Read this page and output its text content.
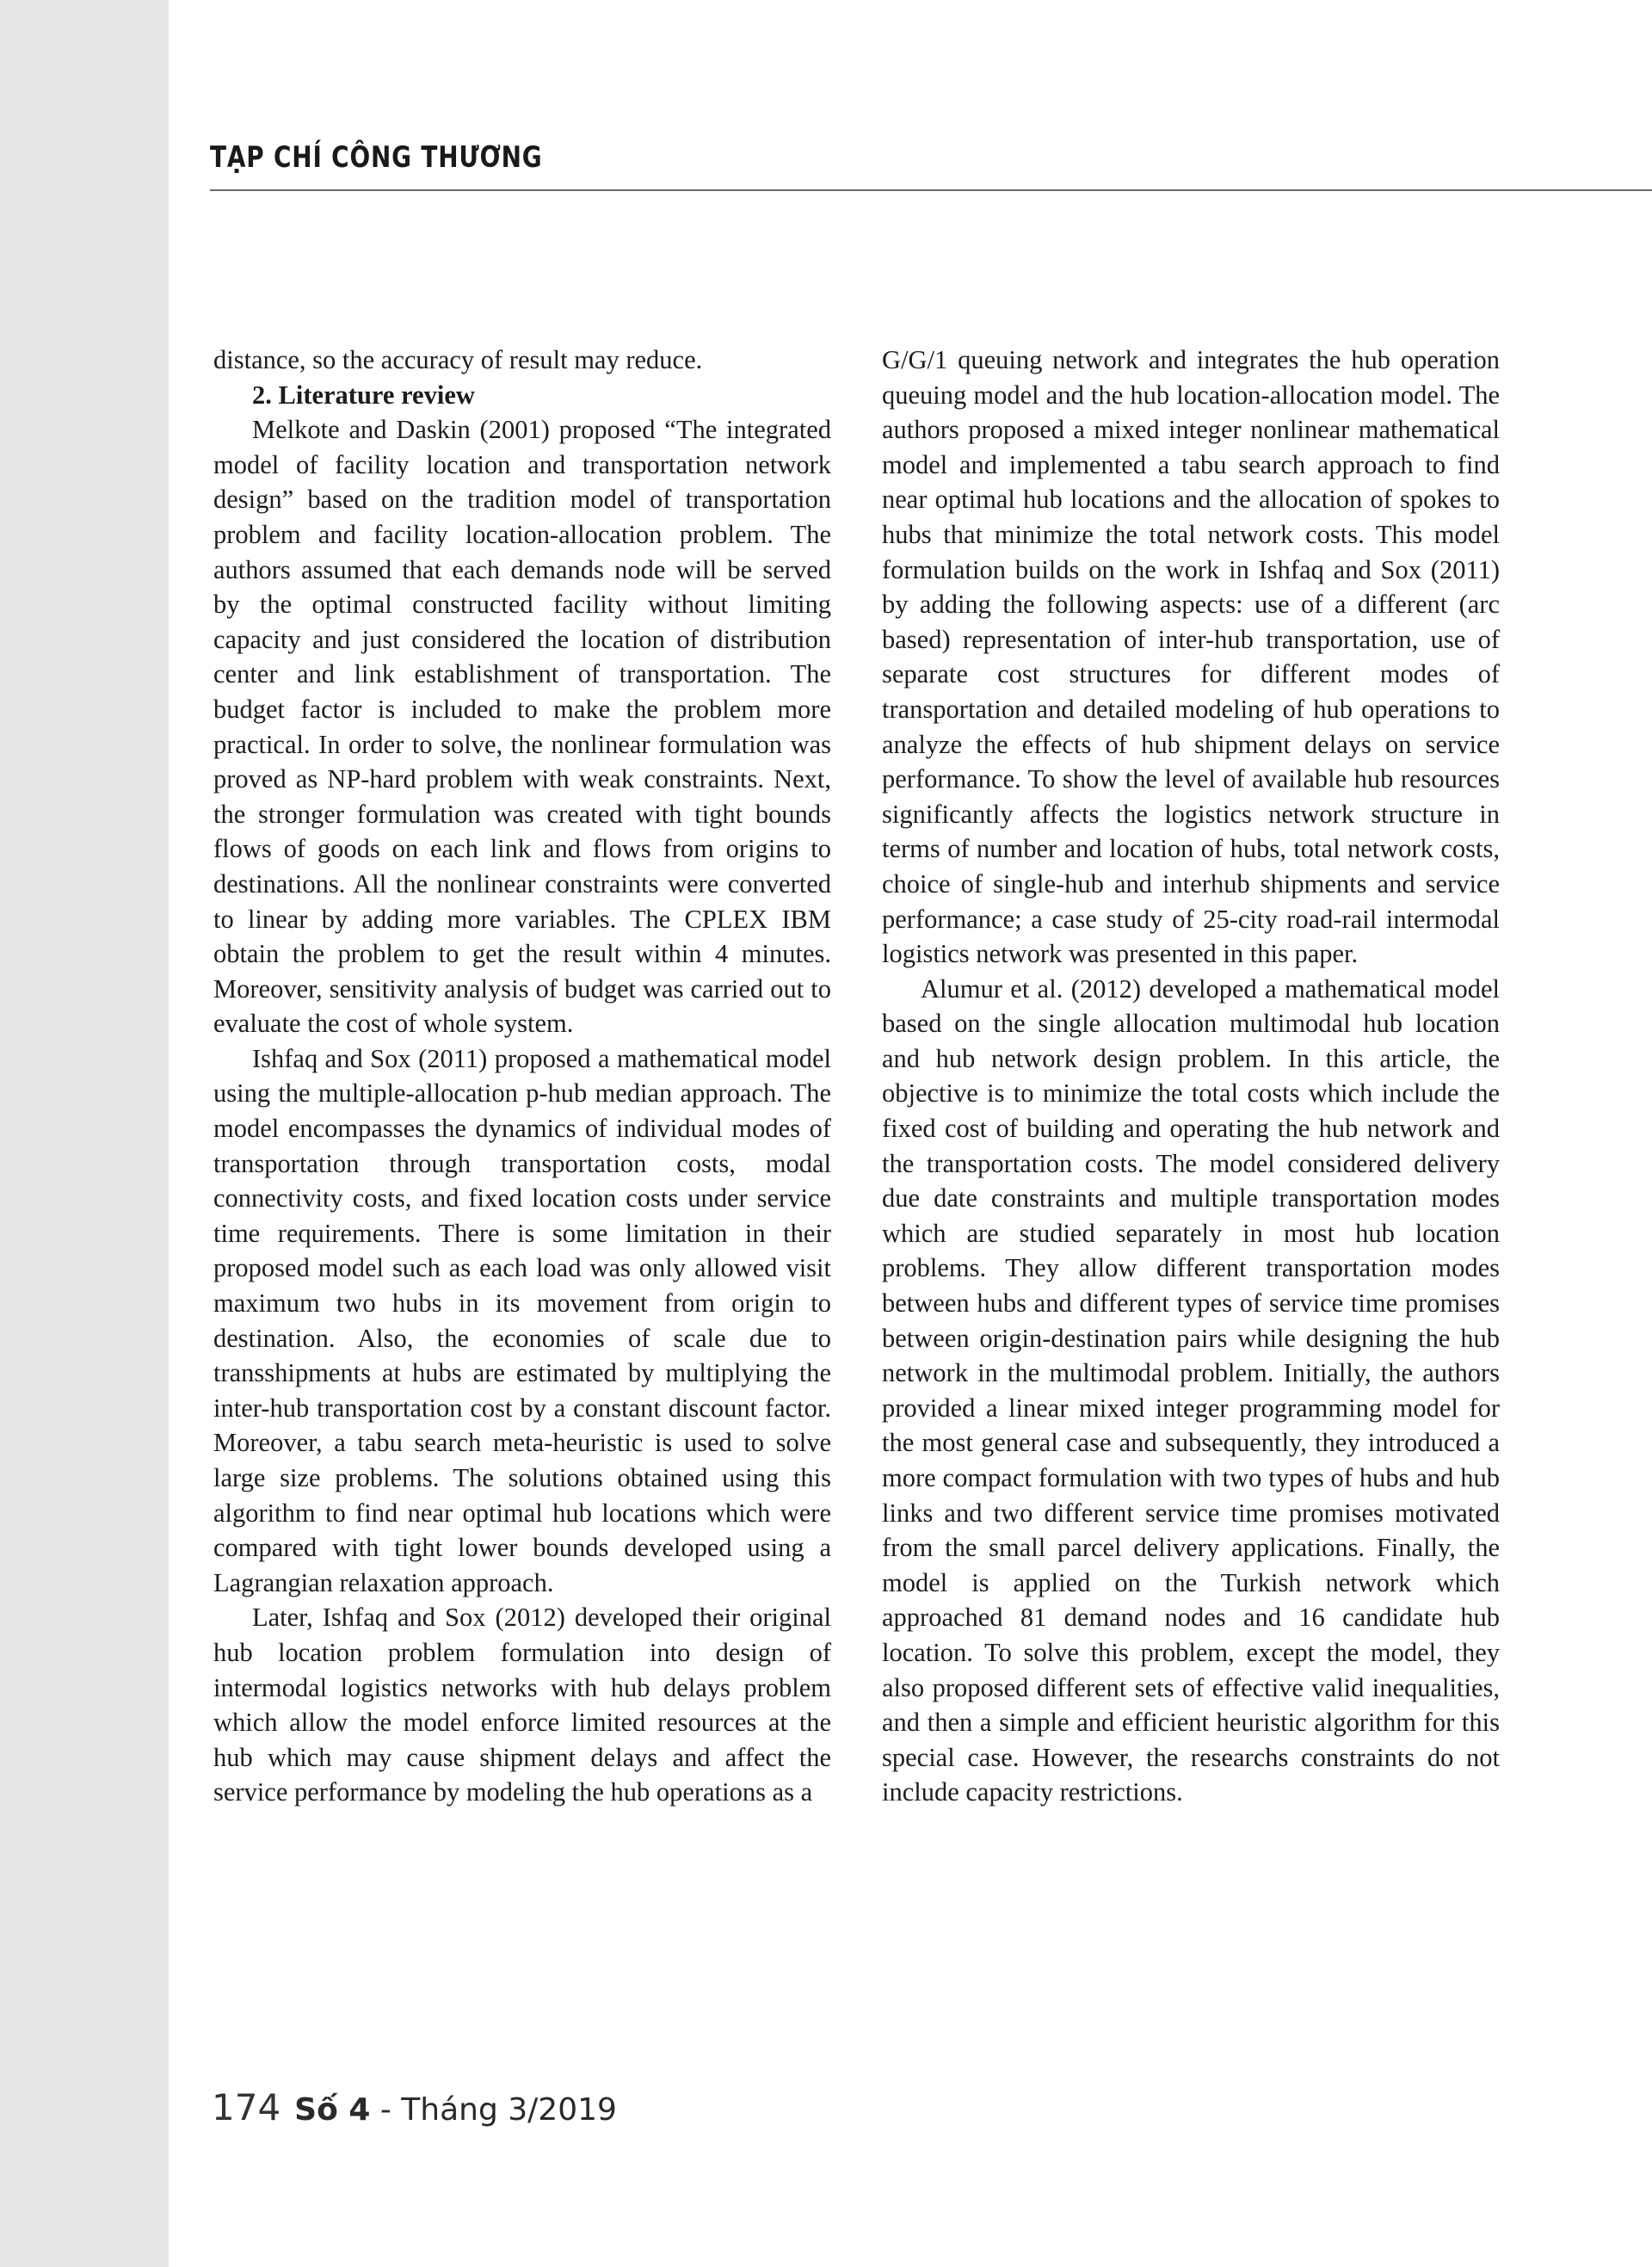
TẠP CHÍ CÔNG THƯƠNG

distance, so the accuracy of result may reduce.

2. Literature review

Melkote and Daskin (2001) proposed “The integrated model of facility location and transportation network design” based on the tradition model of transportation problem and facility location-allocation problem. The authors assumed that each demands node will be served by the optimal constructed facility without limiting capacity and just considered the location of distribution center and link establishment of transportation. The budget factor is included to make the problem more practical. In order to solve, the nonlinear formulation was proved as NP-hard problem with weak constraints. Next, the stronger formulation was created with tight bounds flows of goods on each link and flows from origins to destinations. All the nonlinear constraints were converted to linear by adding more variables. The CPLEX IBM obtain the problem to get the result within 4 minutes. Moreover, sensitivity analysis of budget was carried out to evaluate the cost of whole system.

Ishfaq and Sox (2011) proposed a mathematical model using the multiple-allocation p-hub median approach. The model encompasses the dynamics of individual modes of transportation through transportation costs, modal connectivity costs, and fixed location costs under service time requirements. There is some limitation in their proposed model such as each load was only allowed visit maximum two hubs in its movement from origin to destination. Also, the economies of scale due to transshipments at hubs are estimated by multiplying the inter-hub transportation cost by a constant discount factor. Moreover, a tabu search meta-heuristic is used to solve large size problems. The solutions obtained using this algorithm to find near optimal hub locations which were compared with tight lower bounds developed using a Lagrangian relaxation approach.

Later, Ishfaq and Sox (2012) developed their original hub location problem formulation into design of intermodal logistics networks with hub delays problem which allow the model enforce limited resources at the hub which may cause shipment delays and affect the service performance by modeling the hub operations as a

G/G/1 queuing network and integrates the hub operation queuing model and the hub location-allocation model. The authors proposed a mixed integer nonlinear mathematical model and implemented a tabu search approach to find near optimal hub locations and the allocation of spokes to hubs that minimize the total network costs. This model formulation builds on the work in Ishfaq and Sox (2011) by adding the following aspects: use of a different (arc based) representation of inter-hub transportation, use of separate cost structures for different modes of transportation and detailed modeling of hub operations to analyze the effects of hub shipment delays on service performance. To show the level of available hub resources significantly affects the logistics network structure in terms of number and location of hubs, total network costs, choice of single-hub and interhub shipments and service performance; a case study of 25-city road-rail intermodal logistics network was presented in this paper.

Alumur et al. (2012) developed a mathematical model based on the single allocation multimodal hub location and hub network design problem. In this article, the objective is to minimize the total costs which include the fixed cost of building and operating the hub network and the transportation costs. The model considered delivery due date constraints and multiple transportation modes which are studied separately in most hub location problems. They allow different transportation modes between hubs and different types of service time promises between origin-destination pairs while designing the hub network in the multimodal problem. Initially, the authors provided a linear mixed integer programming model for the most general case and subsequently, they introduced a more compact formulation with two types of hubs and hub links and two different service time promises motivated from the small parcel delivery applications. Finally, the model is applied on the Turkish network which approached 81 demand nodes and 16 candidate hub location. To solve this problem, except the model, they also proposed different sets of effective valid inequalities, and then a simple and efficient heuristic algorithm for this special case. However, the researchs constraints do not include capacity restrictions.

174 Số 4 - Tháng 3/2019
